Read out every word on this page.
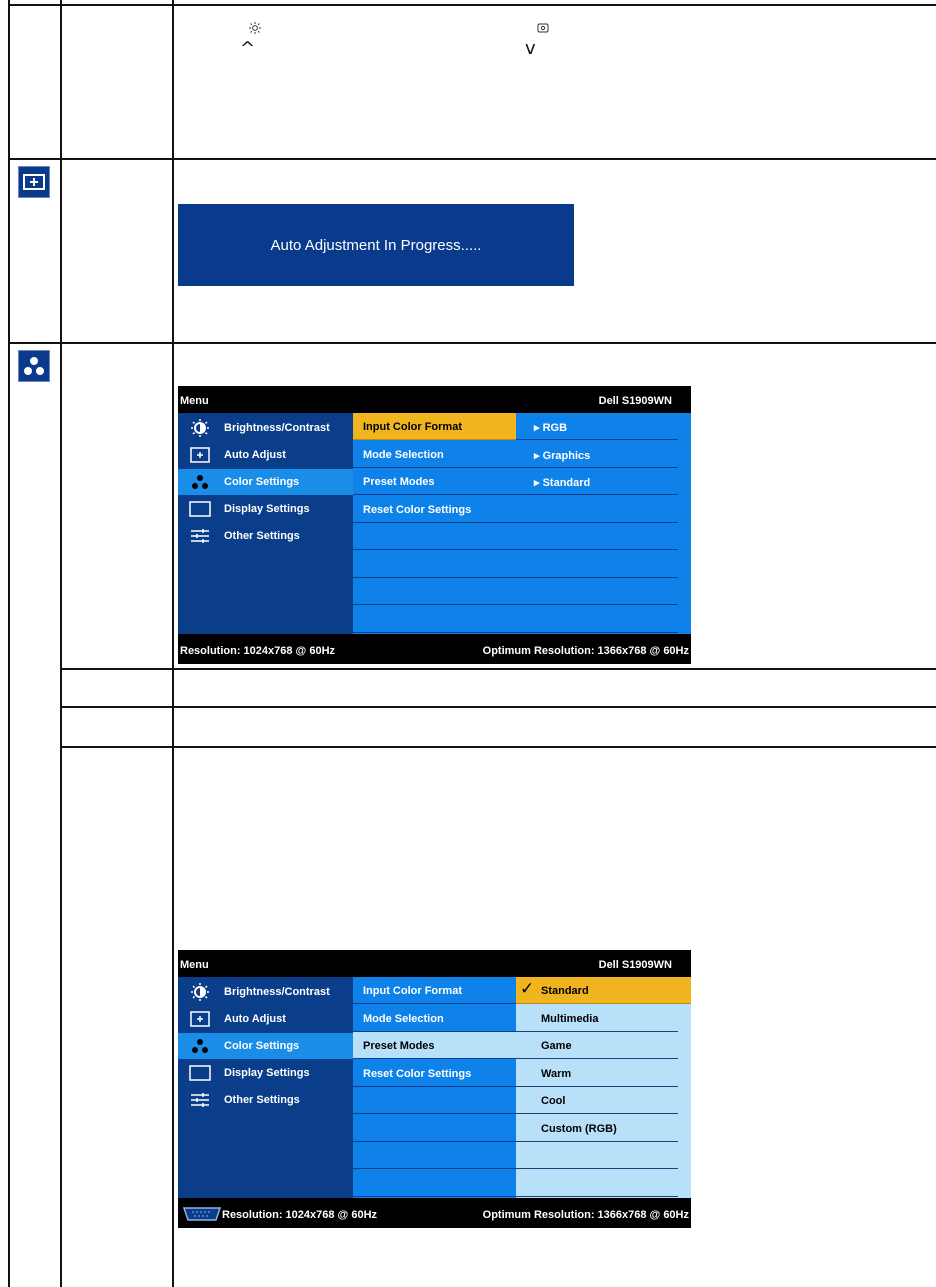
^	v
Auto Adjustment In Progress.....
Menu	Dell S1909WN
Brightness/Contrast
Auto Adjust
Color Settings
Display Settings
Other Settings
Input Color Format
Mode Selection
Preset Modes
Reset Color Settings
▸ RGB
▸ Graphics
▸ Standard
Resolution: 1024x768 @ 60Hz	Optimum Resolution: 1366x768 @ 60Hz
Menu	Dell S1909WN
Brightness/Contrast
Auto Adjust
Color Settings
Display Settings
Other Settings
Input Color Format
Mode Selection
Preset Modes
Reset Color Settings
✓ Standard
Multimedia
Game
Warm
Cool
Custom (RGB)
Resolution: 1024x768 @ 60Hz	Optimum Resolution: 1366x768 @ 60Hz
